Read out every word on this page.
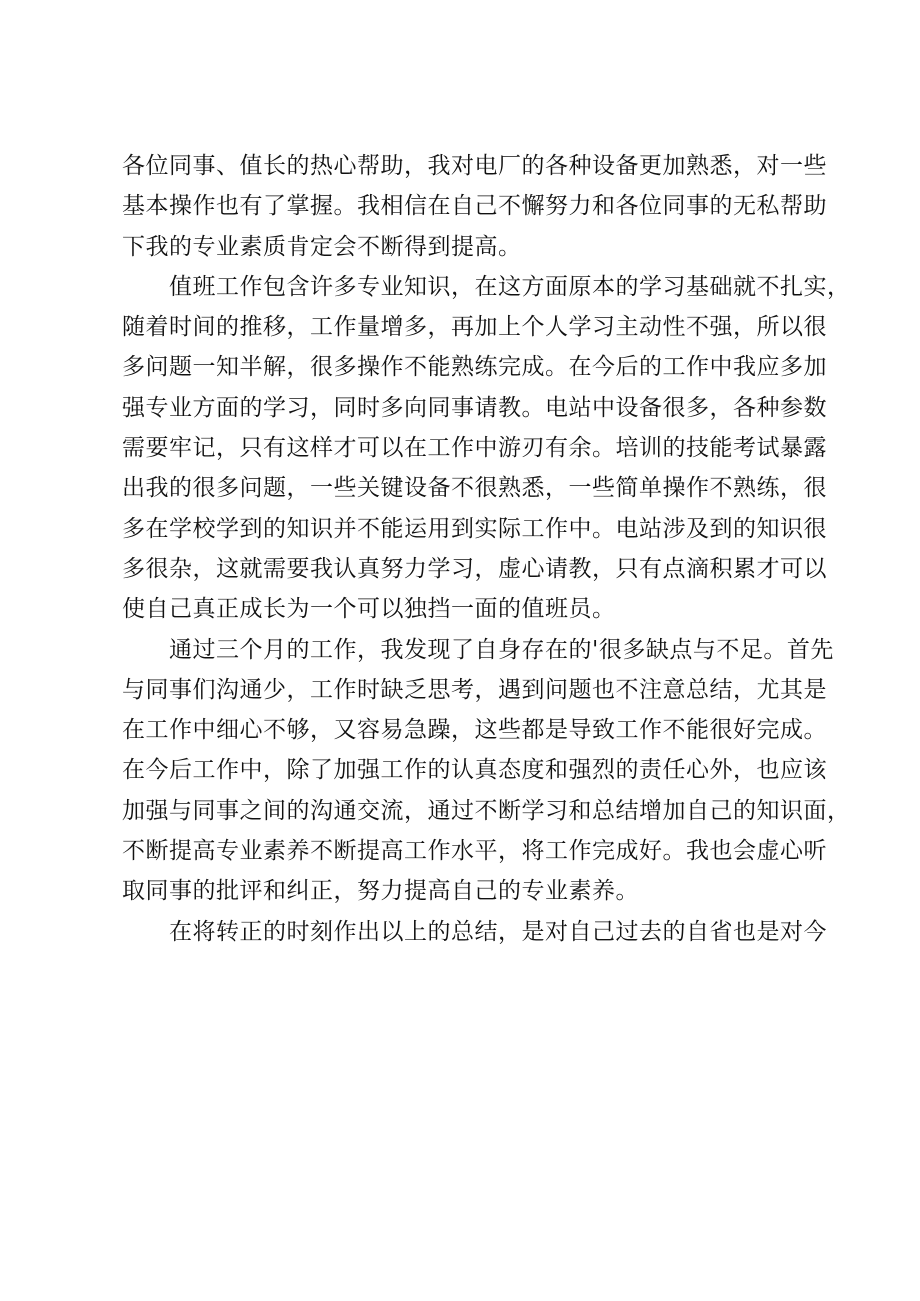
各位同事、值长的热心帮助，我对电厂的各种设备更加熟悉，对一些
基本操作也有了掌握。我相信在自己不懈努力和各位同事的无私帮助
下我的专业素质肯定会不断得到提高。
值班工作包含许多专业知识，在这方面原本的学习基础就不扎实，
随着时间的推移，工作量增多，再加上个人学习主动性不强，所以很
多问题一知半解，很多操作不能熟练完成。在今后的工作中我应多加
强专业方面的学习，同时多向同事请教。电站中设备很多，各种参数
需要牢记，只有这样才可以在工作中游刃有余。培训的技能考试暴露
出我的很多问题，一些关键设备不很熟悉，一些简单操作不熟练，很
多在学校学到的知识并不能运用到实际工作中。电站涉及到的知识很
多很杂，这就需要我认真努力学习，虚心请教，只有点滴积累才可以
使自己真正成长为一个可以独挡一面的值班员。
通过三个月的工作，我发现了自身存在的'很多缺点与不足。首先
与同事们沟通少，工作时缺乏思考，遇到问题也不注意总结，尤其是
在工作中细心不够，又容易急躁，这些都是导致工作不能很好完成。
在今后工作中，除了加强工作的认真态度和强烈的责任心外，也应该
加强与同事之间的沟通交流，通过不断学习和总结增加自己的知识面，
不断提高专业素养不断提高工作水平，将工作完成好。我也会虚心听
取同事的批评和纠正，努力提高自己的专业素养。
在将转正的时刻作出以上的总结，是对自己过去的自省也是对今
